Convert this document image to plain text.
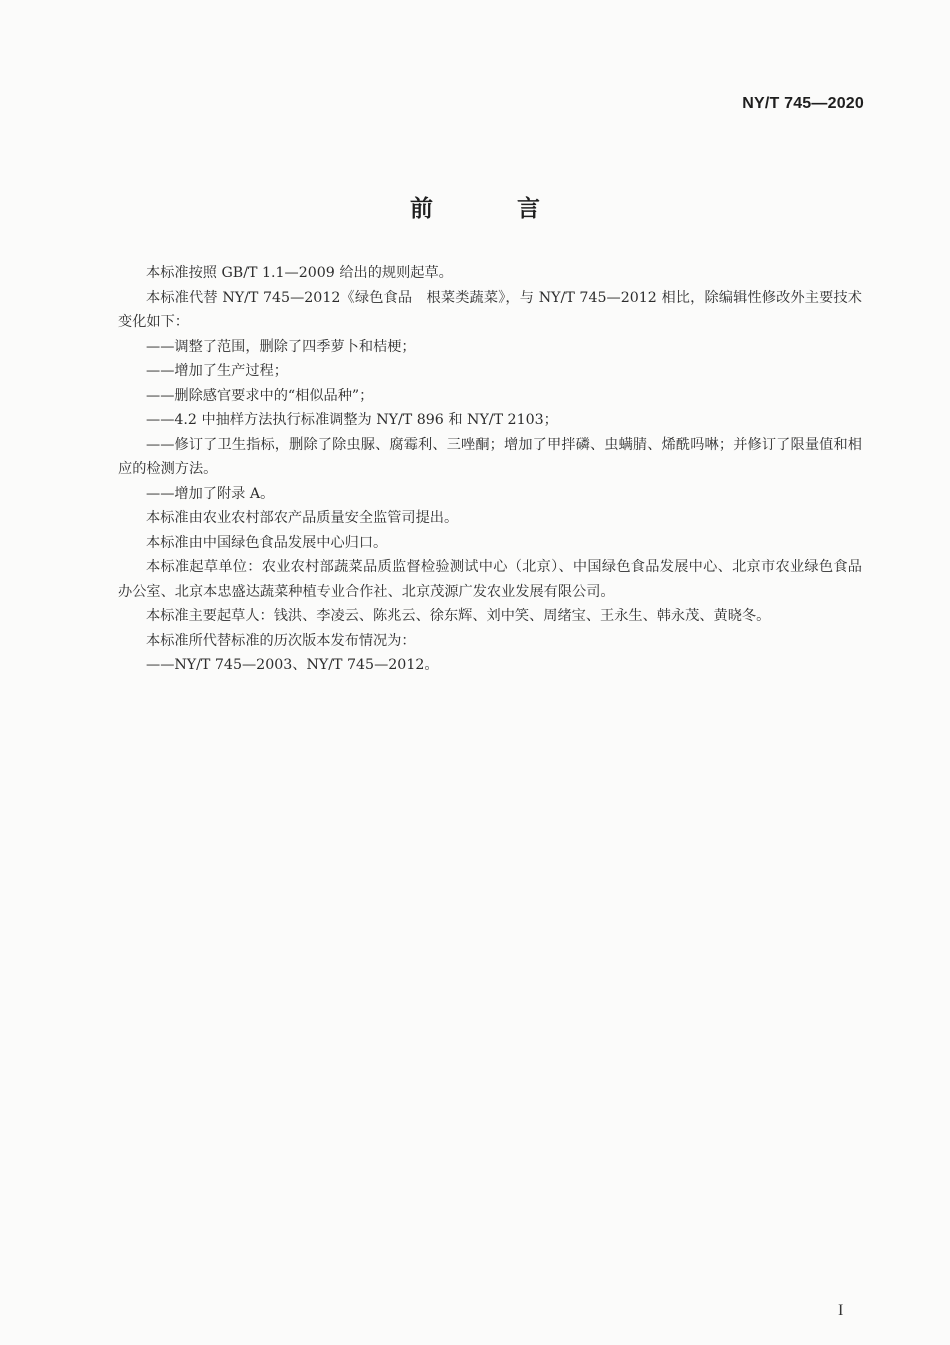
NY/T 745—2020
前 言

本标准按照 GB/T 1.1—2009 给出的规则起草。

本标准代替 NY/T 745—2012《绿色食品　根菜类蔬菜》，与 NY/T 745—2012 相比，除编辑性修改外主要技术变化如下：

——调整了范围，删除了四季萝卜和桔梗；

——增加了生产过程；

——删除感官要求中的“相似品种”；

——4.2 中抽样方法执行标准调整为 NY/T 896 和 NY/T 2103；

——修订了卫生指标，删除了除虫脲、腐霉利、三唑酮；增加了甲拌磷、虫螨腈、烯酰吗啉；并修订了限量值和相应的检测方法。

——增加了附录 A。

本标准由农业农村部农产品质量安全监管司提出。

本标准由中国绿色食品发展中心归口。

本标准起草单位：农业农村部蔬菜品质监督检验测试中心（北京）、中国绿色食品发展中心、北京市农业绿色食品办公室、北京本忠盛达蔬菜种植专业合作社、北京茂源广发农业发展有限公司。

本标准主要起草人：钱洪、李凌云、陈兆云、徐东辉、刘中笑、周绪宝、王永生、韩永茂、黄晓冬。

本标准所代替标准的历次版本发布情况为：

——NY/T 745—2003、NY/T 745—2012。

I
